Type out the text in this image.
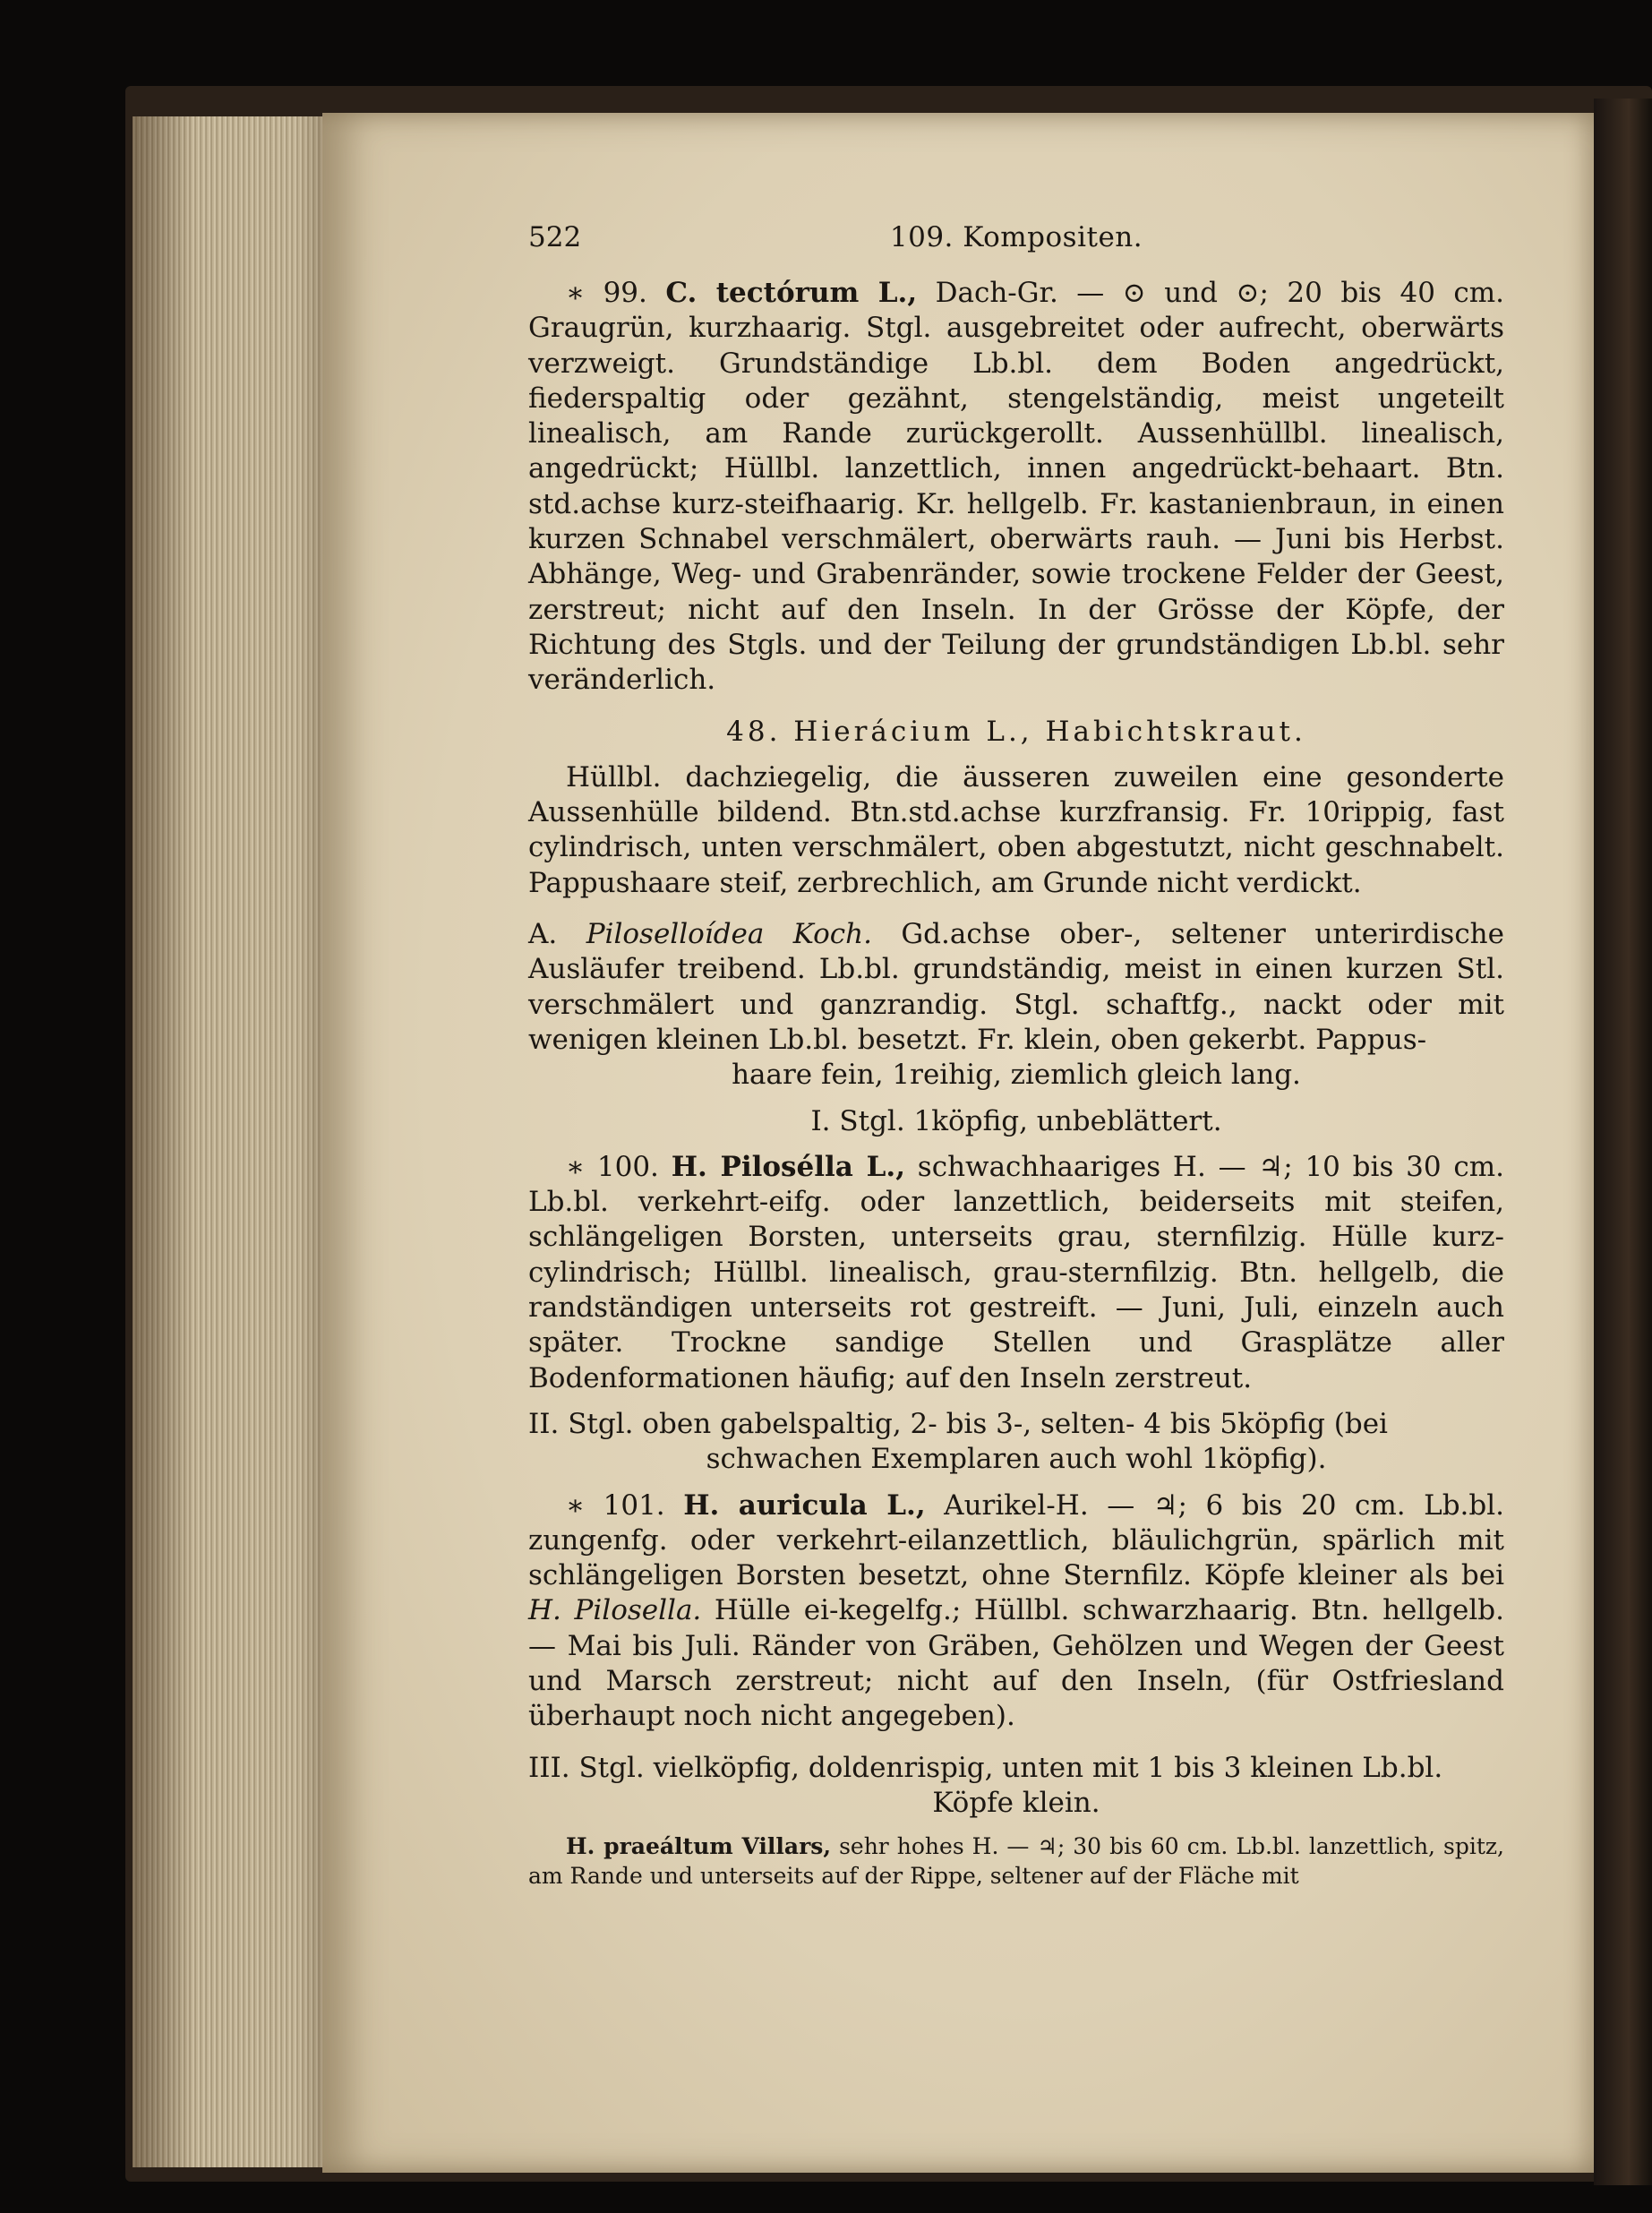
522	109. Kompositen.

∗ 99. C. tectórum L., Dach-Gr. — ⊙ und ⊙; 20 bis 40 cm. Graugrün, kurzhaarig. Stgl. ausgebreitet oder aufrecht, oberwärts verzweigt. Grundständige Lb.bl. dem Boden angedrückt, fiederspaltig oder gezähnt, stengelständig, meist ungeteilt linealisch, am Rande zurückgerollt. Aussenhüllbl. linealisch, angedrückt; Hüllbl. lanzettlich, innen angedrückt-behaart. Btn. std.achse kurz-steifhaarig. Kr. hellgelb. Fr. kastanienbraun, in einen kurzen Schnabel verschmälert, oberwärts rauh. — Juni bis Herbst. Abhänge, Weg- und Grabenränder, sowie trockene Felder der Geest, zerstreut; nicht auf den Inseln. In der Grösse der Köpfe, der Richtung des Stgls. und der Teilung der grundständigen Lb.bl. sehr veränderlich.

48. Hierácium L., Habichtskraut.

Hüllbl. dachziegelig, die äusseren zuweilen eine gesonderte Aussenhülle bildend. Btn.std.achse kurzfransig. Fr. 10rippig, fast cylindrisch, unten verschmälert, oben abgestutzt, nicht geschnabelt. Pappushaare steif, zerbrechlich, am Grunde nicht verdickt.

A. Piloselloídea Koch. Gd.achse ober-, seltener unterirdische Ausläufer treibend. Lb.bl. grundständig, meist in einen kurzen Stl. verschmälert und ganzrandig. Stgl. schaftfg., nackt oder mit wenigen kleinen Lb.bl. besetzt. Fr. klein, oben gekerbt. Pappus-

haare fein, 1reihig, ziemlich gleich lang.

I. Stgl. 1köpfig, unbeblättert.

∗ 100. H. Pilosélla L., schwachhaariges H. — ♃; 10 bis 30 cm. Lb.bl. verkehrt-eifg. oder lanzettlich, beiderseits mit steifen, schlängeligen Borsten, unterseits grau, sternfilzig. Hülle kurz-cylindrisch; Hüllbl. linealisch, grau-sternfilzig. Btn. hellgelb, die randständigen unterseits rot gestreift. — Juni, Juli, einzeln auch später. Trockne sandige Stellen und Grasplätze aller Bodenformationen häufig; auf den Inseln zerstreut.

II. Stgl. oben gabelspaltig, 2- bis 3-, selten- 4 bis 5köpfig (bei

schwachen Exemplaren auch wohl 1köpfig).

∗ 101. H. auricula L., Aurikel-H. — ♃; 6 bis 20 cm. Lb.bl. zungenfg. oder verkehrt-eilanzettlich, bläulichgrün, spärlich mit schlängeligen Borsten besetzt, ohne Sternfilz. Köpfe kleiner als bei H. Pilosella. Hülle ei-kegelfg.; Hüllbl. schwarzhaarig. Btn. hellgelb. — Mai bis Juli. Ränder von Gräben, Gehölzen und Wegen der Geest und Marsch zerstreut; nicht auf den Inseln, (für Ostfriesland überhaupt noch nicht angegeben).

III. Stgl. vielköpfig, doldenrispig, unten mit 1 bis 3 kleinen Lb.bl.

Köpfe klein.

H. praeáltum Villars, sehr hohes H. — ♃; 30 bis 60 cm. Lb.bl. lanzettlich, spitz, am Rande und unterseits auf der Rippe, seltener auf der Fläche mit
